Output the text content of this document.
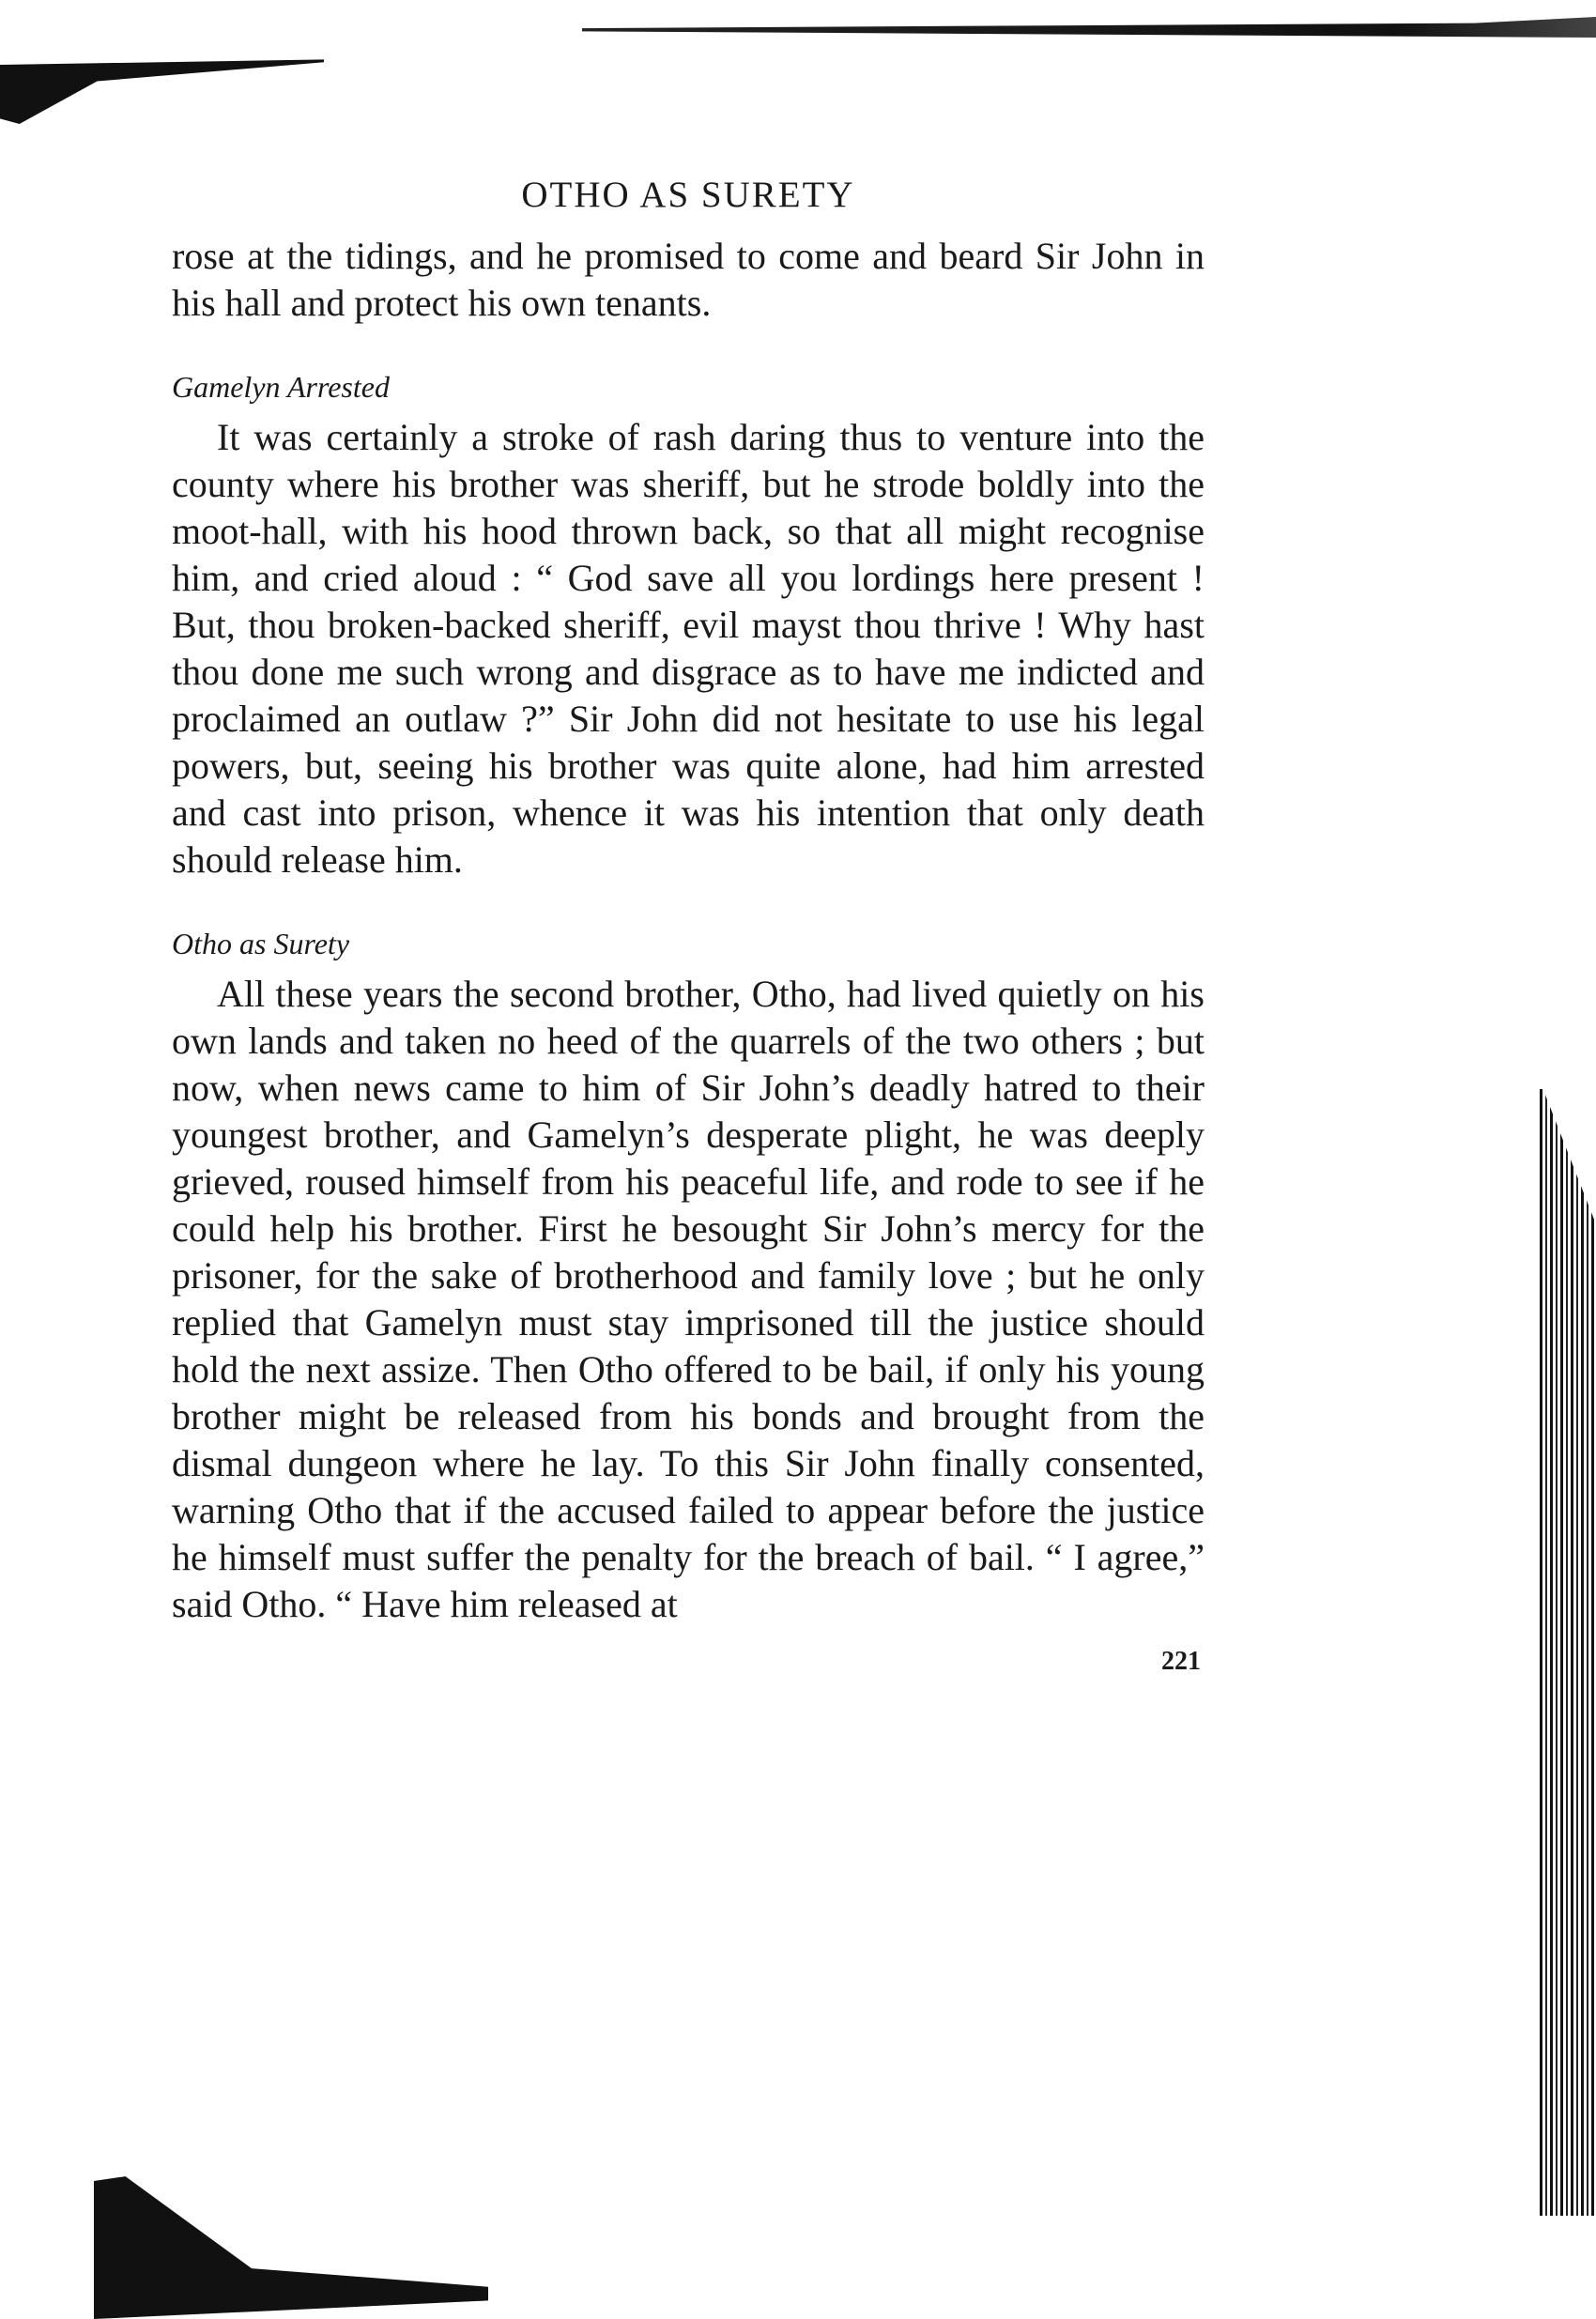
OTHO AS SURETY

rose at the tidings, and he promised to come and beard Sir John in his hall and protect his own tenants.

Gamelyn Arrested

It was certainly a stroke of rash daring thus to venture into the county where his brother was sheriff, but he strode boldly into the moot-hall, with his hood thrown back, so that all might recognise him, and cried aloud : “ God save all you lordings here present ! But, thou broken-backed sheriff, evil mayst thou thrive ! Why hast thou done me such wrong and disgrace as to have me indicted and proclaimed an outlaw ?” Sir John did not hesitate to use his legal powers, but, seeing his brother was quite alone, had him arrested and cast into prison, whence it was his intention that only death should release him.

Otho as Surety

All these years the second brother, Otho, had lived quietly on his own lands and taken no heed of the quarrels of the two others ; but now, when news came to him of Sir John’s deadly hatred to their youngest brother, and Gamelyn’s desperate plight, he was deeply grieved, roused himself from his peaceful life, and rode to see if he could help his brother. First he besought Sir John’s mercy for the prisoner, for the sake of brotherhood and family love ; but he only replied that Gamelyn must stay imprisoned till the justice should hold the next assize. Then Otho offered to be bail, if only his young brother might be released from his bonds and brought from the dismal dungeon where he lay. To this Sir John finally consented, warning Otho that if the accused failed to appear before the justice he himself must suffer the penalty for the breach of bail. “ I agree,” said Otho. “ Have him released at

221
